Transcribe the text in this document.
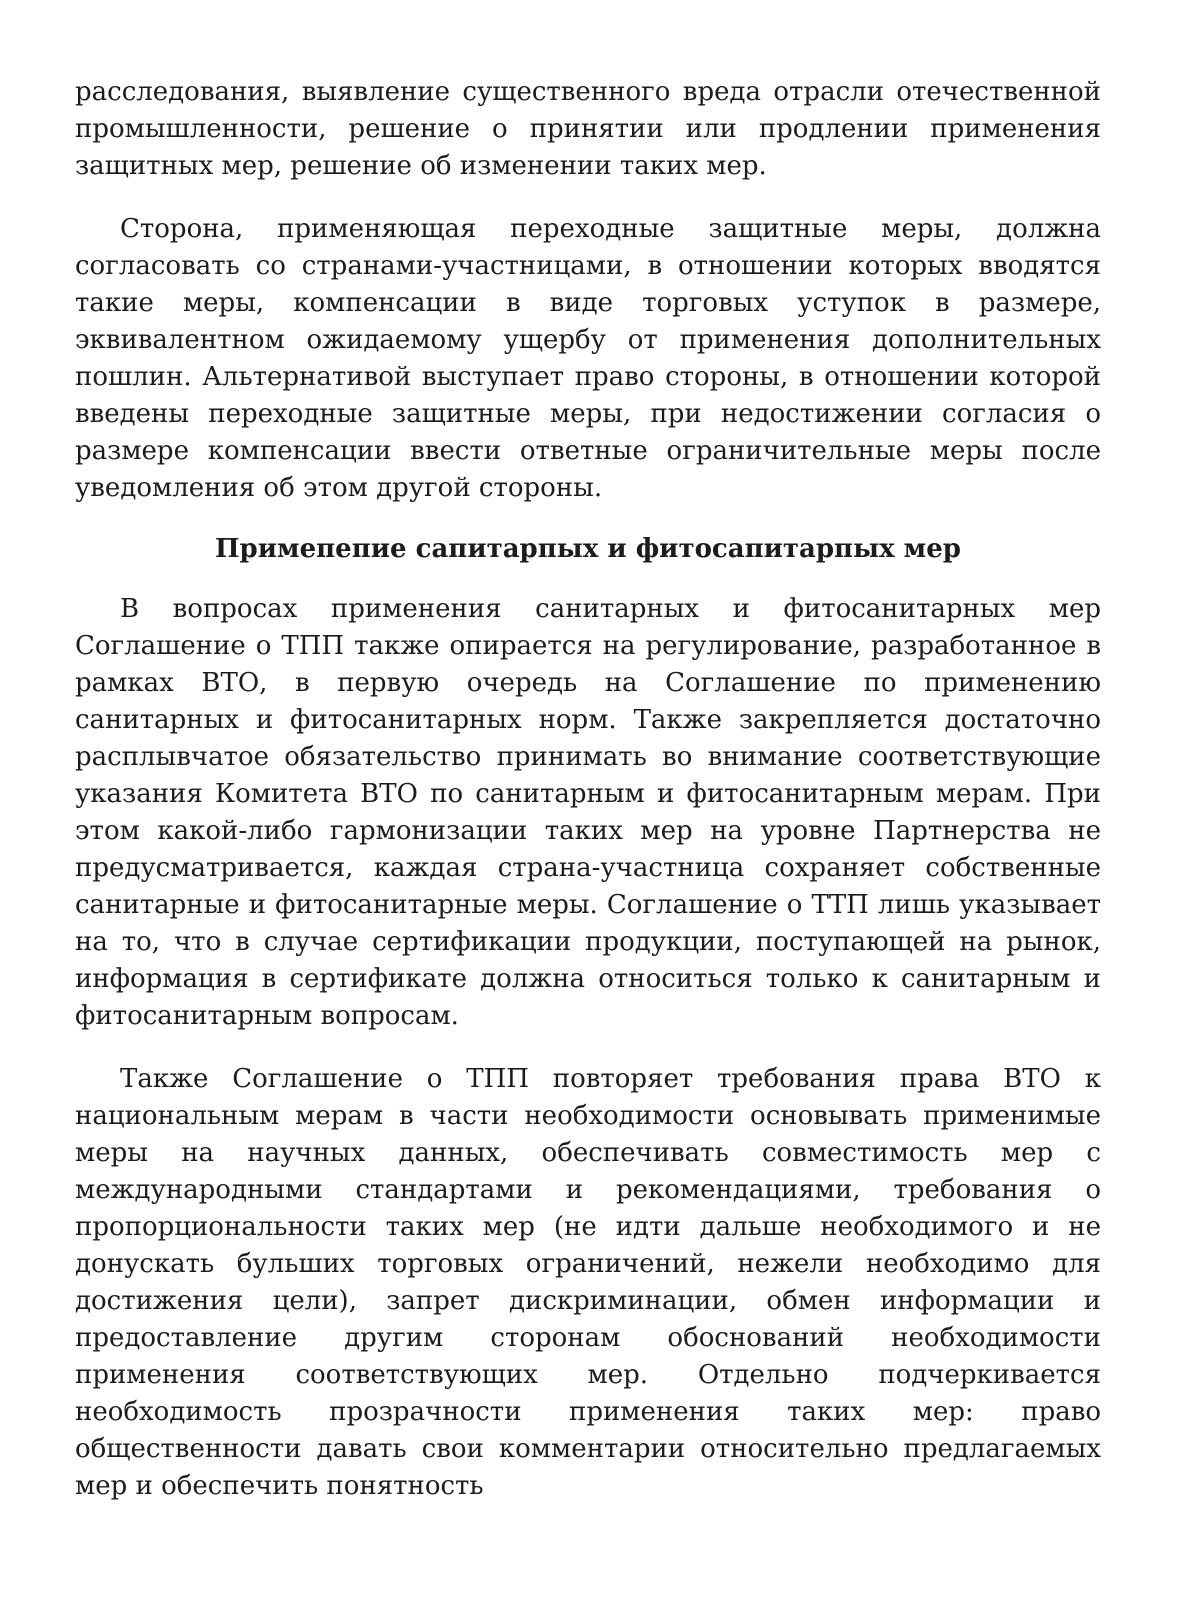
расследования, выявление существенного вреда отрасли отечественной промышленности, решение о принятии или продлении применения защитных мер, решение об изменении таких мер.

Сторона, применяющая переходные защитные меры, должна согласовать со странами-участницами, в отношении которых вводятся такие меры, компенсации в виде торговых уступок в размере, эквивалентном ожидаемому ущербу от применения дополнительных пошлин. Альтернативой выступает право стороны, в отношении которой введены переходные защитные меры, при недостижении согласия о размере компенсации ввести ответные ограничительные меры после уведомления об этом другой стороны.

Примепепие сапитарпых и фитосапитарпых мер

В вопросах применения санитарных и фитосанитарных мер Соглашение о ТПП также опирается на регулирование, разработанное в рамках ВТО, в первую очередь на Соглашение по применению санитарных и фитосанитарных норм. Также закрепляется достаточно расплывчатое обязательство принимать во внимание соответствующие указания Комитета ВТО по санитарным и фитосанитарным мерам. При этом какой-либо гармонизации таких мер на уровне Партнерства не предусматривается, каждая страна-участница сохраняет собственные санитарные и фитосанитарные меры. Соглашение о ТТП лишь указывает на то, что в случае сертификации продукции, поступающей на рынок, информация в сертификате должна относиться только к санитарным и фитосанитарным вопросам.

Также Соглашение о ТПП повторяет требования права ВТО к национальным мерам в части необходимости основывать применимые меры на научных данных, обеспечивать совместимость мер с международными стандартами и рекомендациями, требования о пропорциональности таких мер (не идти дальше необходимого и не донускать бульших торговых ограничений, нежели необходимо для достижения цели), запрет дискриминации, обмен информации и предоставление другим сторонам обоснований необходимости применения соответствующих мер. Отдельно подчеркивается необходимость прозрачности применения таких мер: право общественности давать свои комментарии относительно предлагаемых мер и обеспечить понятность
